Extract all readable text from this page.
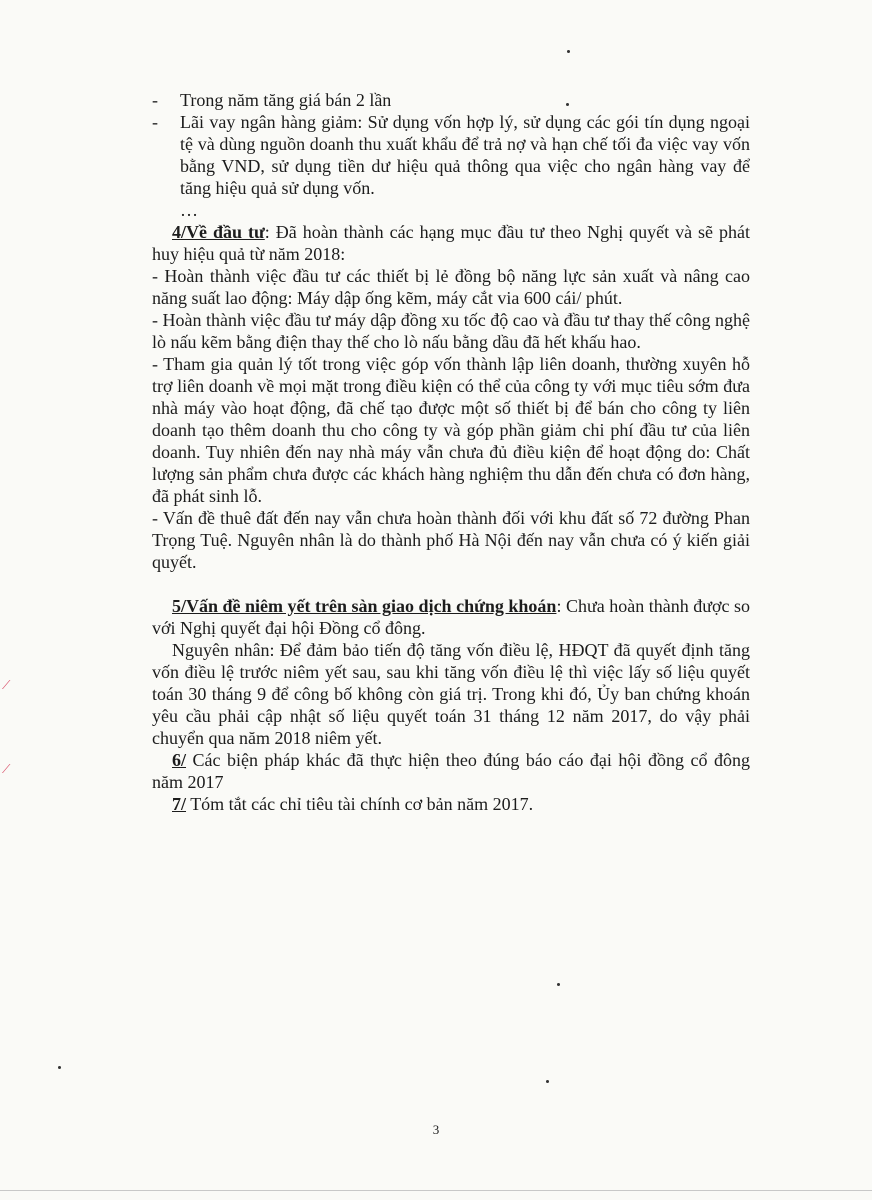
⟋
⟋
- Trong năm tăng giá bán 2 lần
- Lãi vay ngân hàng giảm: Sử dụng vốn hợp lý, sử dụng các gói tín dụng ngoại tệ và dùng nguồn doanh thu xuất khẩu để trả nợ và hạn chế tối đa việc vay vốn bằng VND, sử dụng tiền dư hiệu quả thông qua việc cho ngân hàng vay để tăng hiệu quả sử dụng vốn.
…
4/Về đầu tư: Đã hoàn thành các hạng mục đầu tư theo Nghị quyết và sẽ phát huy hiệu quả từ năm 2018:
- Hoàn thành việc đầu tư các thiết bị lẻ đồng bộ năng lực sản xuất và nâng cao năng suất lao động: Máy dập ống kẽm, máy cắt via 600 cái/ phút.
- Hoàn thành việc đầu tư máy dập đồng xu tốc độ cao và đầu tư thay thế công nghệ lò nấu kẽm bằng điện thay thế cho lò nấu bằng dầu đã hết khấu hao.
- Tham gia quản lý tốt trong việc góp vốn thành lập liên doanh, thường xuyên hỗ trợ liên doanh về mọi mặt trong điều kiện có thể của công ty với mục tiêu sớm đưa nhà máy vào hoạt động, đã chế tạo được một số thiết bị để bán cho công ty liên doanh tạo thêm doanh thu cho công ty và góp phần giảm chi phí đầu tư của liên doanh. Tuy nhiên đến nay nhà máy vẫn chưa đủ điều kiện để hoạt động do: Chất lượng sản phẩm chưa được các khách hàng nghiệm thu dẫn đến chưa có đơn hàng, đã phát sinh lỗ.
- Vấn đề thuê đất đến nay vẫn chưa hoàn thành đối với khu đất số 72 đường Phan Trọng Tuệ. Nguyên nhân là do thành phố Hà Nội đến nay vẫn chưa có ý kiến giải quyết.
5/Vấn đề niêm yết trên sàn giao dịch chứng khoán: Chưa hoàn thành được so với Nghị quyết đại hội Đồng cổ đông.
Nguyên nhân: Để đảm bảo tiến độ tăng vốn điều lệ, HĐQT đã quyết định tăng vốn điều lệ trước niêm yết sau, sau khi tăng vốn điều lệ thì việc lấy số liệu quyết toán 30 tháng 9 để công bố không còn giá trị. Trong khi đó, Ủy ban chứng khoán yêu cầu phải cập nhật số liệu quyết toán 31 tháng 12 năm 2017, do vậy phải chuyển qua năm 2018 niêm yết.
6/ Các biện pháp khác đã thực hiện theo đúng báo cáo đại hội đồng cổ đông năm 2017
7/ Tóm tắt các chỉ tiêu tài chính cơ bản năm 2017.
3
